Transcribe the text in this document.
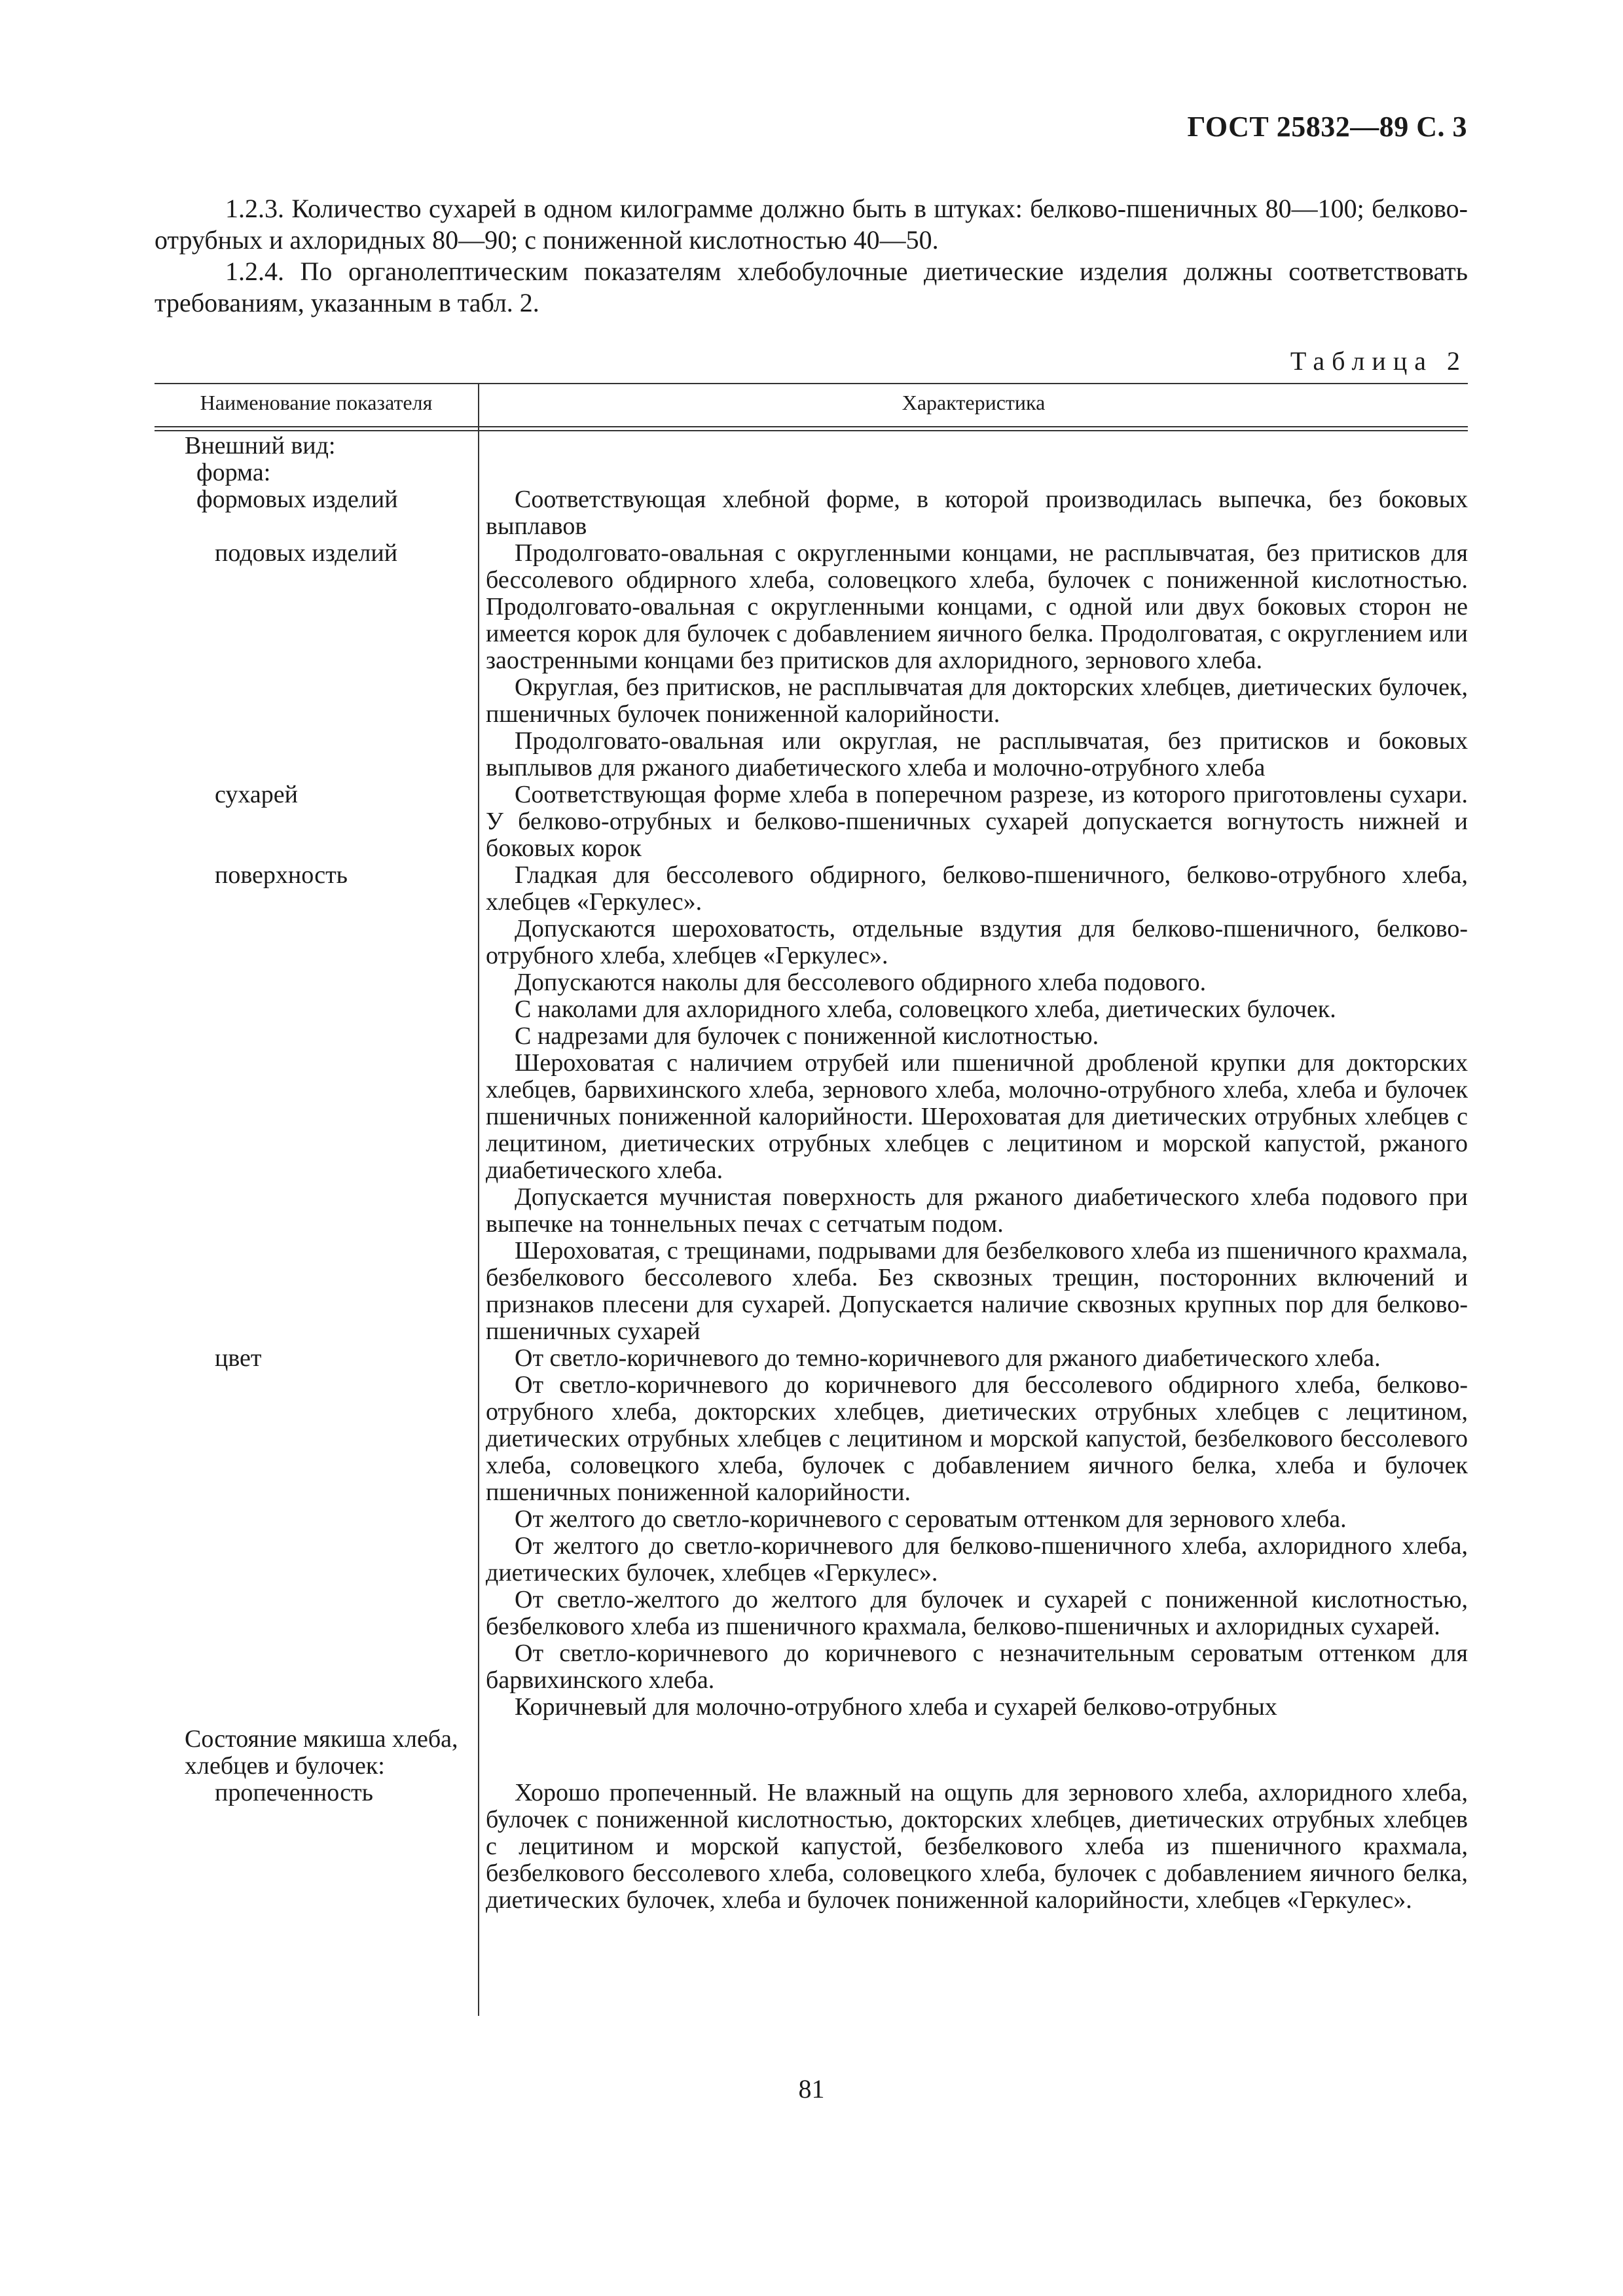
ГОСТ 25832—89 С. 3

1.2.3. Количество сухарей в одном килограмме должно быть в штуках: белково-пшеничных 80—100; белково-отрубных и ахлоридных 80—90; с пониженной кислотностью 40—50.

1.2.4. По органолептическим показателям хлебобулочные диетические изделия должны соответствовать требованиям, указанным в табл. 2.

Таблица 2
Наименование показателя	Характеристика
Внешний вид:
форма:
формовых изделий	Соответствующая хлебной форме, в которой производилась выпечка, без боковых выплавов

подовых изделий	Продолговато-овальная с округленными концами, не расплывчатая, без притисков для бессолевого обдирного хлеба, соловецкого хлеба, булочек с пониженной кислотностью. Продолговато-овальная с округленными концами, с одной или двух боковых сторон не имеется корок для булочек с добавлением яичного белка. Продолговатая, с округлением или заостренными концами без притисков для ахлоридного, зернового хлеба.

Округлая, без притисков, не расплывчатая для докторских хлебцев, диетических булочек, пшеничных булочек пониженной калорийности.

Продолговато-овальная или округлая, не расплывчатая, без притисков и боковых выплывов для ржаного диабетического хлеба и молочно-отрубного хлеба

сухарей	Соответствующая форме хлеба в поперечном разрезе, из которого приготовлены сухари. У белково-отрубных и белково-пшеничных сухарей допускается вогнутость нижней и боковых корок

поверхность	Гладкая для бессолевого обдирного, белково-пшеничного, белково-отрубного хлеба, хлебцев «Геркулес».

Допускаются шероховатость, отдельные вздутия для белково-пшеничного, белково-отрубного хлеба, хлебцев «Геркулес».

Допускаются наколы для бессолевого обдирного хлеба подового.

С наколами для ахлоридного хлеба, соловецкого хлеба, диетических булочек.

С надрезами для булочек с пониженной кислотностью.

Шероховатая с наличием отрубей или пшеничной дробленой крупки для докторских хлебцев, барвихинского хлеба, зернового хлеба, молочно-отрубного хлеба, хлеба и булочек пшеничных пониженной калорийности. Шероховатая для диетических отрубных хлебцев с лецитином, диетических отрубных хлебцев с лецитином и морской капустой, ржаного диабетического хлеба.

Допускается мучнистая поверхность для ржаного диабетического хлеба подового при выпечке на тоннельных печах с сетчатым подом.

Шероховатая, с трещинами, подрывами для безбелкового хлеба из пшеничного крахмала, безбелкового бессолевого хлеба. Без сквозных трещин, посторонних включений и признаков плесени для сухарей. Допускается наличие сквозных крупных пор для белково-пшеничных сухарей

цвет	От светло-коричневого до темно-коричневого для ржаного диабетического хлеба.

От светло-коричневого до коричневого для бессолевого обдирного хлеба, белково-отрубного хлеба, докторских хлебцев, диетических отрубных хлебцев с лецитином, диетических отрубных хлебцев с лецитином и морской капустой, безбелкового бессолевого хлеба, соловецкого хлеба, булочек с добавлением яичного белка, хлеба и булочек пшеничных пониженной калорийности.

От желтого до светло-коричневого с сероватым оттенком для зернового хлеба.

От желтого до светло-коричневого для белково-пшеничного хлеба, ахлоридного хлеба, диетических булочек, хлебцев «Геркулес».

От светло-желтого до желтого для булочек и сухарей с пониженной кислотностью, безбелкового хлеба из пшеничного крахмала, белково-пшеничных и ахлоридных сухарей.

От светло-коричневого до коричневого с незначительным сероватым оттенком для барвихинского хлеба.

Коричневый для молочно-отрубного хлеба и сухарей белково-отрубных

Состояние мякиша хлеба, хлебцев и булочек:
пропеченность	Хорошо пропеченный. Не влажный на ощупь для зернового хлеба, ахлоридного хлеба, булочек с пониженной кислотностью, докторских хлебцев, диетических отрубных хлебцев с лецитином и морской капустой, безбелкового хлеба из пшеничного крахмала, безбелкового бессолевого хлеба, соловецкого хлеба, булочек с добавлением яичного белка, диетических булочек, хлеба и булочек пониженной калорийности, хлебцев «Геркулес».

81
